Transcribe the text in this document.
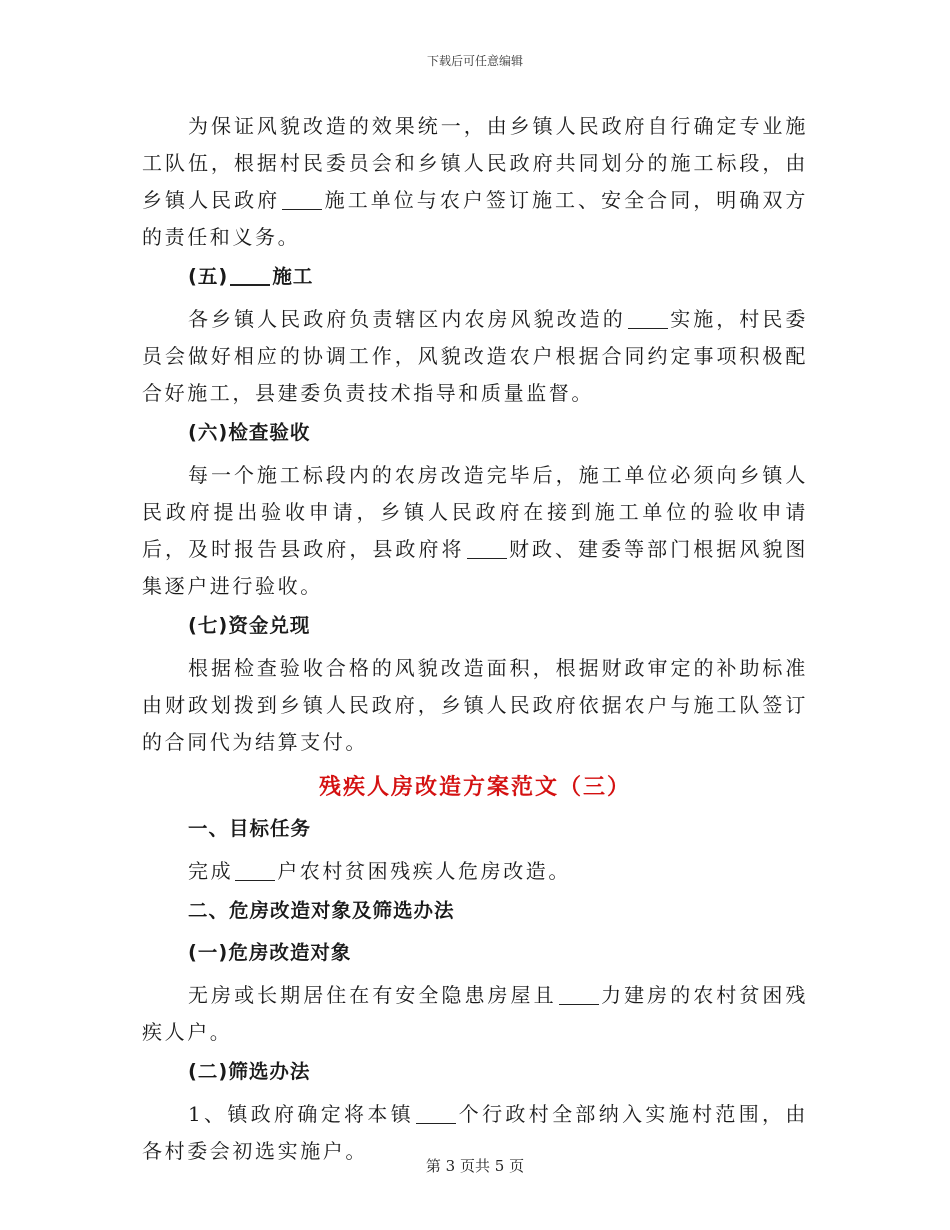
下载后可任意编辑

为保证风貌改造的效果统一，由乡镇人民政府自行确定专业施工队伍，根据村民委员会和乡镇人民政府共同划分的施工标段，由乡镇人民政府 施工单位与农户签订施工、安全合同，明确双方的责任和义务。

(五) 施工

各乡镇人民政府负责辖区内农房风貌改造的 实施，村民委员会做好相应的协调工作，风貌改造农户根据合同约定事项积极配合好施工，县建委负责技术指导和质量监督。

(六)检查验收

每一个施工标段内的农房改造完毕后，施工单位必须向乡镇人民政府提出验收申请，乡镇人民政府在接到施工单位的验收申请后，及时报告县政府，县政府将 财政、建委等部门根据风貌图集逐户进行验收。

(七)资金兑现

根据检查验收合格的风貌改造面积，根据财政审定的补助标准由财政划拨到乡镇人民政府，乡镇人民政府依据农户与施工队签订的合同代为结算支付。

残疾人房改造方案范文（三）
一、目标任务

完成 户农村贫困残疾人危房改造。

二、危房改造对象及筛选办法
(一)危房改造对象

无房或长期居住在有安全隐患房屋且 力建房的农村贫困残疾人户。

(二)筛选办法

1、镇政府确定将本镇 个行政村全部纳入实施村范围，由各村委会初选实施户。

第 3 页共 5 页
